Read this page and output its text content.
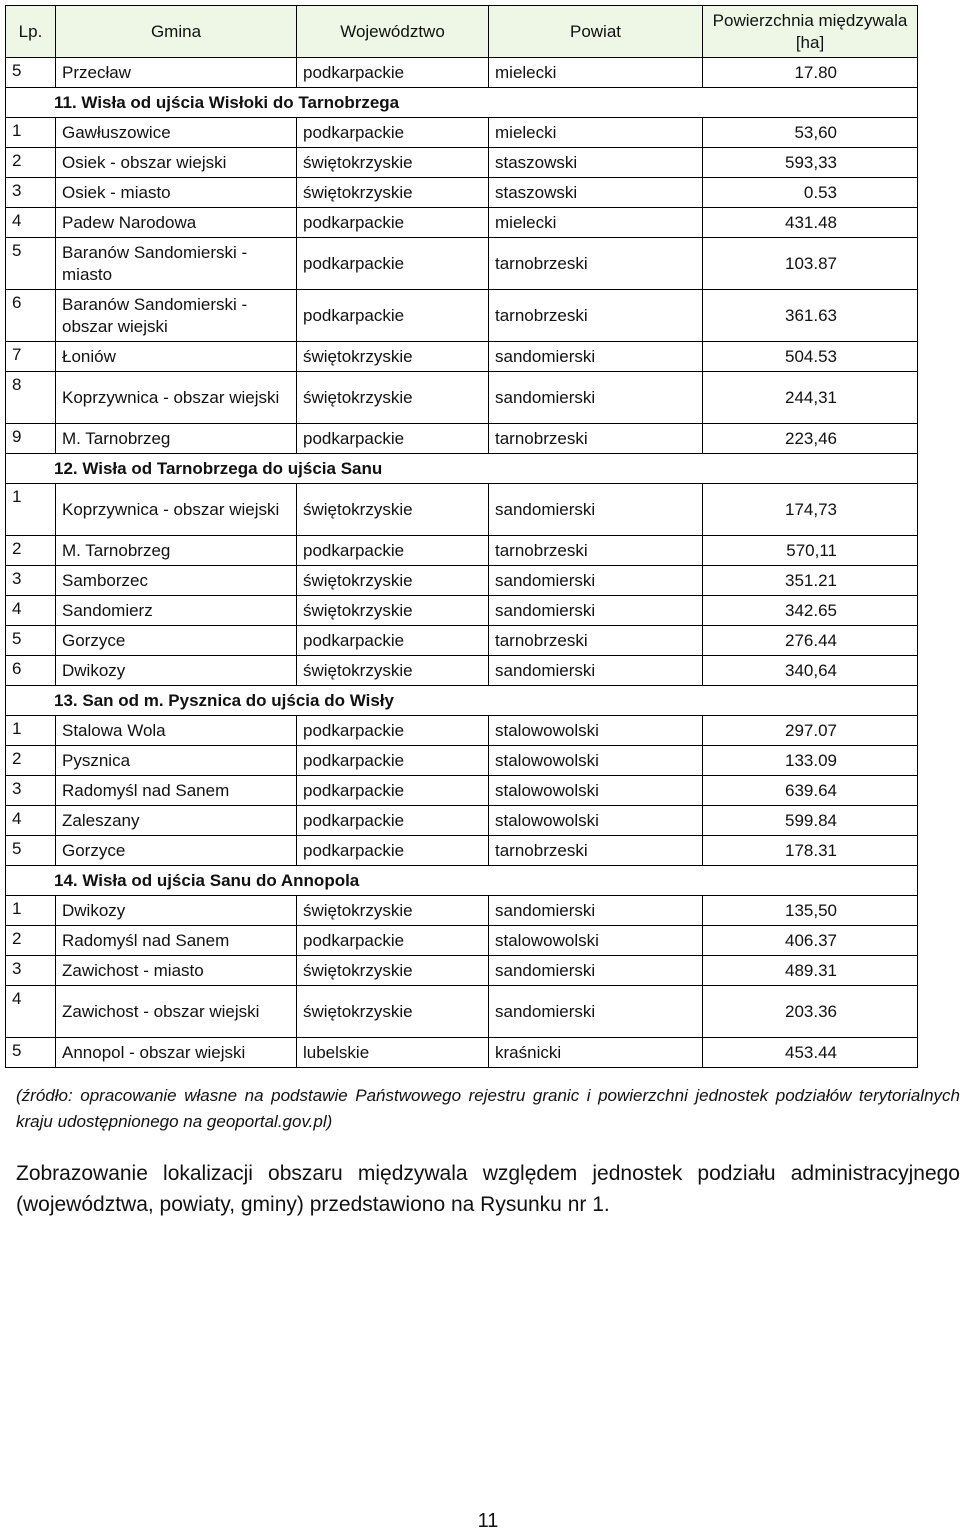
Lp.	Gmina	Województwo	Powiat	Powierzchnia międzywala [ha]
5	Przecław	podkarpackie	mielecki	17.80
11. Wisła od ujścia Wisłoki do Tarnobrzega				
1	Gawłuszowice	podkarpackie	mielecki	53,60
2	Osiek - obszar wiejski	świętokrzyskie	staszowski	593,33
3	Osiek - miasto	świętokrzyskie	staszowski	0.53
4	Padew Narodowa	podkarpackie	mielecki	431.48
5	Baranów Sandomierski - miasto	podkarpackie	tarnobrzeski	103.87
6	Baranów Sandomierski - obszar wiejski	podkarpackie	tarnobrzeski	361.63
7	Łoniów	świętokrzyskie	sandomierski	504.53
8	Koprzywnica - obszar wiejski	świętokrzyskie	sandomierski	244,31
9	M. Tarnobrzeg	podkarpackie	tarnobrzeski	223,46
12. Wisła od Tarnobrzega do ujścia Sanu				
1	Koprzywnica - obszar wiejski	świętokrzyskie	sandomierski	174,73
2	M. Tarnobrzeg	podkarpackie	tarnobrzeski	570,11
3	Samborzec	świętokrzyskie	sandomierski	351.21
4	Sandomierz	świętokrzyskie	sandomierski	342.65
5	Gorzyce	podkarpackie	tarnobrzeski	276.44
6	Dwikozy	świętokrzyskie	sandomierski	340,64
13. San od m. Pysznica do ujścia do Wisły				
1	Stalowa Wola	podkarpackie	stalowowolski	297.07
2	Pysznica	podkarpackie	stalowowolski	133.09
3	Radomyśl nad Sanem	podkarpackie	stalowowolski	639.64
4	Zaleszany	podkarpackie	stalowowolski	599.84
5	Gorzyce	podkarpackie	tarnobrzeski	178.31
14. Wisła od ujścia Sanu do Annopola				
1	Dwikozy	świętokrzyskie	sandomierski	135,50
2	Radomyśl nad Sanem	podkarpackie	stalowowolski	406.37
3	Zawichost - miasto	świętokrzyskie	sandomierski	489.31
4	Zawichost - obszar wiejski	świętokrzyskie	sandomierski	203.36
5	Annopol - obszar wiejski	lubelskie	kraśnicki	453.44
(źródło: opracowanie własne na podstawie Państwowego rejestru granic i powierzchni jednostek podziałów terytorialnych kraju udostępnionego na geoportal.gov.pl)
Zobrazowanie lokalizacji obszaru międzywala względem jednostek podziału administracyjnego (województwa, powiaty, gminy) przedstawiono na Rysunku nr 1.
11
